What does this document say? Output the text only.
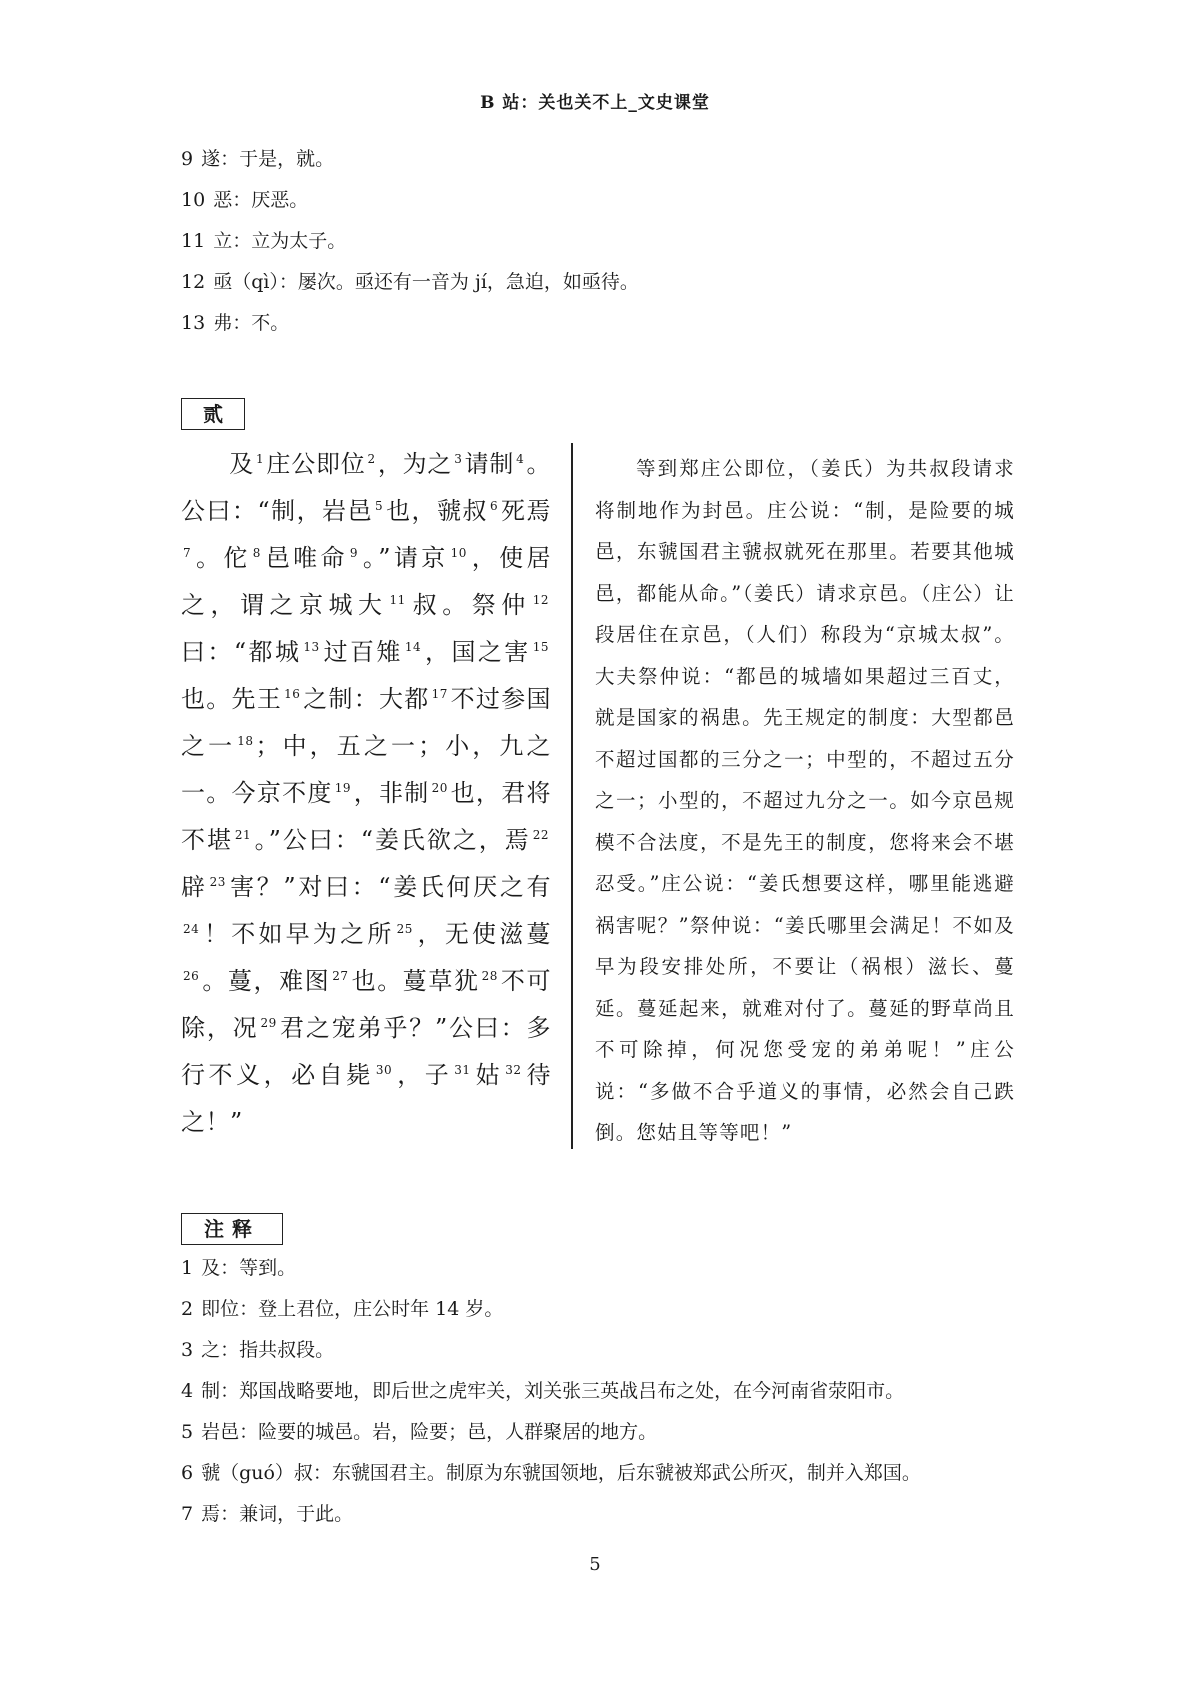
B 站：关也关不上_文史课堂
9 遂：于是，就。
10 恶：厌恶。
11 立：立为太子。
12 亟（qì）：屡次。亟还有一音为 jí，急迫，如亟待。
13 弗：不。
贰

及 $^1$庄公即位 $^2$，为之 $^3$请制 $^4$。公曰：“制，岩邑 $^5$也，虢叔 $^6$死焉$^7$。佗 $^8$邑唯命 $^9$。”请京 $^{10}$，使居之，谓之京城大 $^{11}$叔。祭仲 $^{12}$曰：“都城 $^{13}$过百雉 $^{14}$，国之害 $^{15}$也。先王 $^{16}$之制：大都 $^{17}$不过参国之一 $^{18}$；中，五之一；小，九之一。今京不度 $^{19}$，非制 $^{20}$也，君将不堪 $^{21}$。”公曰：“姜氏欲之，焉 $^{22}$辟 $^{23}$害？”对曰：“姜氏何厌之有$^{24}$！不如早为之所 $^{25}$，无使滋蔓$^{26}$。蔓，难图 $^{27}$也。蔓草犹 $^{28}$不可除，况 $^{29}$君之宠弟乎？”公曰：多行不义，必自毙 $^{30}$，子 $^{31}$姑 $^{32}$待之！”

等到郑庄公即位，（姜氏）为共叔段请求将制地作为封邑。庄公说：“制，是险要的城邑，东虢国君主虢叔就死在那里。若要其他城邑，都能从命。”（姜氏）请求京邑。（庄公）让段居住在京邑，（人们）称段为“京城太叔”。大夫祭仲说：“都邑的城墙如果超过三百丈，就是国家的祸患。先王规定的制度：大型都邑不超过国都的三分之一；中型的，不超过五分之一；小型的，不超过九分之一。如今京邑规模不合法度，不是先王的制度，您将来会不堪忍受。”庄公说：“姜氏想要这样，哪里能逃避祸害呢？”祭仲说：“姜氏哪里会满足！不如及早为段安排处所，不要让（祸根）滋长、蔓延。蔓延起来，就难对付了。蔓延的野草尚且不可除掉，何况您受宠的弟弟呢！”庄公说：“多做不合乎道义的事情，必然会自己跌倒。您姑且等等吧！”

注释
1 及：等到。
2 即位：登上君位，庄公时年 14 岁。
3 之：指共叔段。
4 制：郑国战略要地，即后世之虎牢关，刘关张三英战吕布之处，在今河南省荥阳市。
5 岩邑：险要的城邑。岩，险要；邑，人群聚居的地方。
6 虢（guó）叔：东虢国君主。制原为东虢国领地，后东虢被郑武公所灭，制并入郑国。
7 焉：兼词，于此。
5
